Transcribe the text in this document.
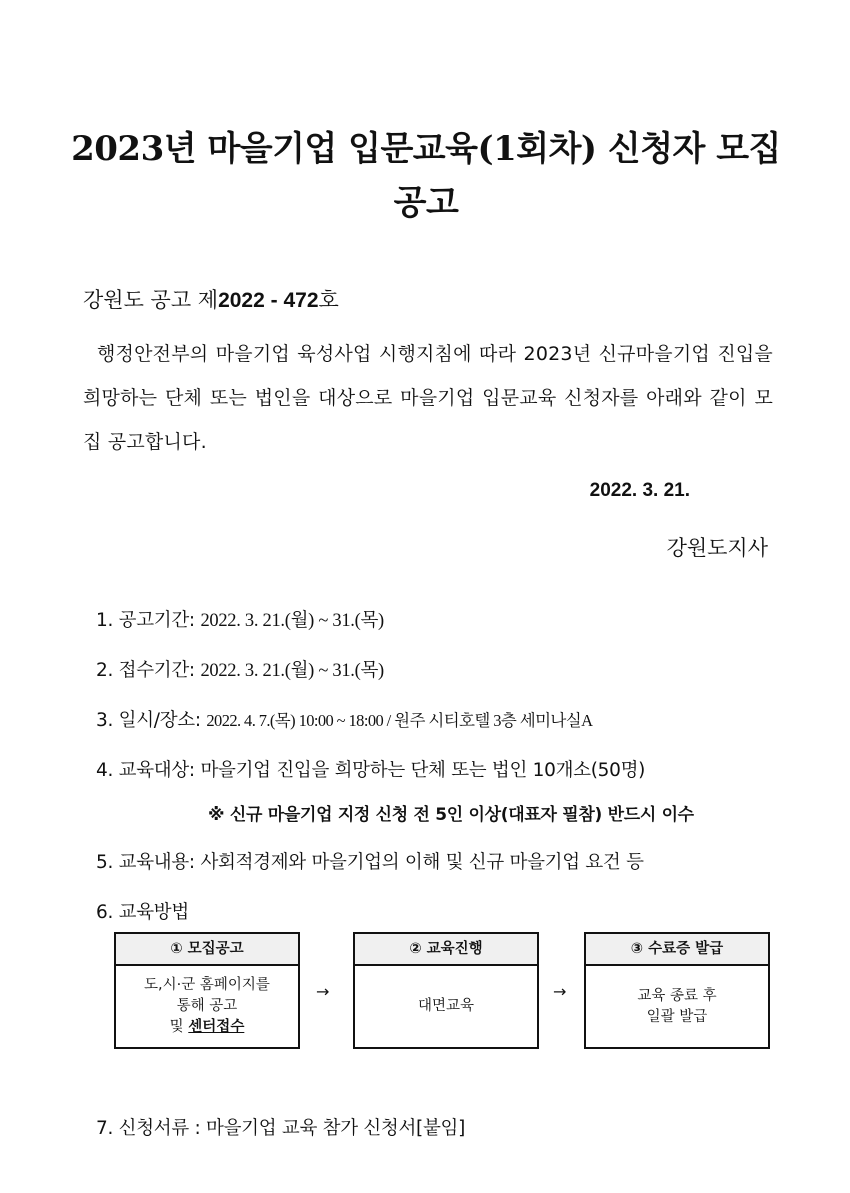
2023년 마을기업 입문교육(1회차) 신청자 모집 공고
강원도 공고 제2022 - 472호
행정안전부의 마을기업 육성사업 시행지침에 따라 2023년 신규마을기업 진입을 희망하는 단체 또는 법인을 대상으로 마을기업 입문교육 신청자를 아래와 같이 모집 공고합니다.
2022. 3. 21.
강원도지사
1. 공고기간: 2022. 3. 21.(월) ~ 31.(목)
2. 접수기간: 2022. 3. 21.(월) ~ 31.(목)
3. 일시/장소: 2022. 4. 7.(목) 10:00 ~ 18:00 / 원주 시티호텔 3층 세미나실A
4. 교육대상: 마을기업 진입을 희망하는 단체 또는 법인 10개소(50명)
※ 신규 마을기업 지정 신청 전 5인 이상(대표자 필참) 반드시 이수
5. 교육내용: 사회적경제와 마을기업의 이해 및 신규 마을기업 요건 등
6. 교육방법
① 모집공고
도,시·군 홈페이지를
통해 공고
및 센터접수
→
② 교육진행
대면교육
→
③ 수료증 발급
교육 종료 후
일괄 발급
7. 신청서류 : 마을기업 교육 참가 신청서[붙임]
